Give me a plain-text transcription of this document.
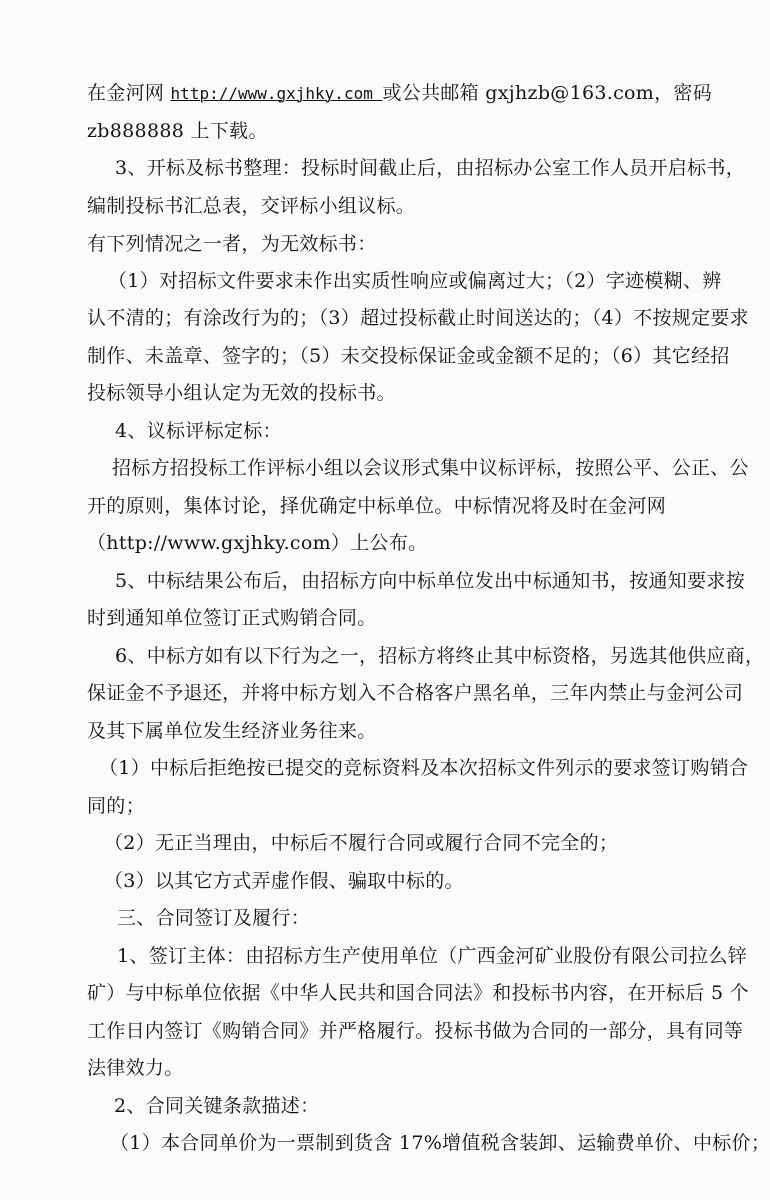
在金河网 http://www.gxjhky.com 或公共邮箱 gxjhzb@163.com，密码
zb888888 上下载。
3、开标及标书整理：投标时间截止后，由招标办公室工作人员开启标书，
编制投标书汇总表，交评标小组议标。
有下列情况之一者，为无效标书：
（1）对招标文件要求未作出实质性响应或偏离过大；（2）字迹模糊、辨
认不清的；有涂改行为的；（3）超过投标截止时间送达的；（4）不按规定要求
制作、未盖章、签字的；（5）未交投标保证金或金额不足的；（6）其它经招
投标领导小组认定为无效的投标书。
4、议标评标定标：
招标方招投标工作评标小组以会议形式集中议标评标，按照公平、公正、公
开的原则，集体讨论，择优确定中标单位。中标情况将及时在金河网
（http://www.gxjhky.com）上公布。
5、中标结果公布后，由招标方向中标单位发出中标通知书，按通知要求按
时到通知单位签订正式购销合同。
6、中标方如有以下行为之一，招标方将终止其中标资格，另选其他供应商，
保证金不予退还，并将中标方划入不合格客户黑名单，三年内禁止与金河公司
及其下属单位发生经济业务往来。
（1）中标后拒绝按已提交的竞标资料及本次招标文件列示的要求签订购销合
同的；
（2）无正当理由，中标后不履行合同或履行合同不完全的；
（3）以其它方式弄虚作假、骗取中标的。
三、合同签订及履行：
1、签订主体：由招标方生产使用单位（广西金河矿业股份有限公司拉么锌
矿）与中标单位依据《中华人民共和国合同法》和投标书内容，在开标后 5 个
工作日内签订《购销合同》并严格履行。投标书做为合同的一部分，具有同等
法律效力。
2、合同关键条款描述：
（1）本合同单价为一票制到货含 17%增值税含装卸、运输费单价、中标价；
